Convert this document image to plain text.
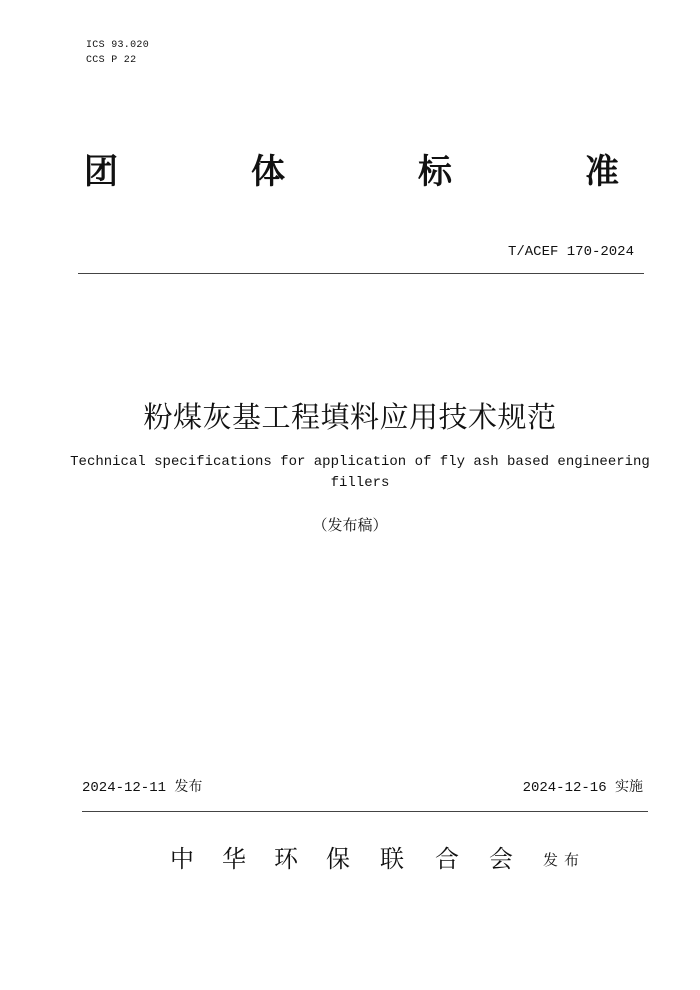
ICS 93.020
CCS P 22
团	体	标	准
T/ACEF 170-2024
粉煤灰基工程填料应用技术规范
Technical specifications for application of fly ash based engineering fillers
（发布稿）
2024-12-11 发布	2024-12-16 实施
中 华 环 保 联 合 会 发布
